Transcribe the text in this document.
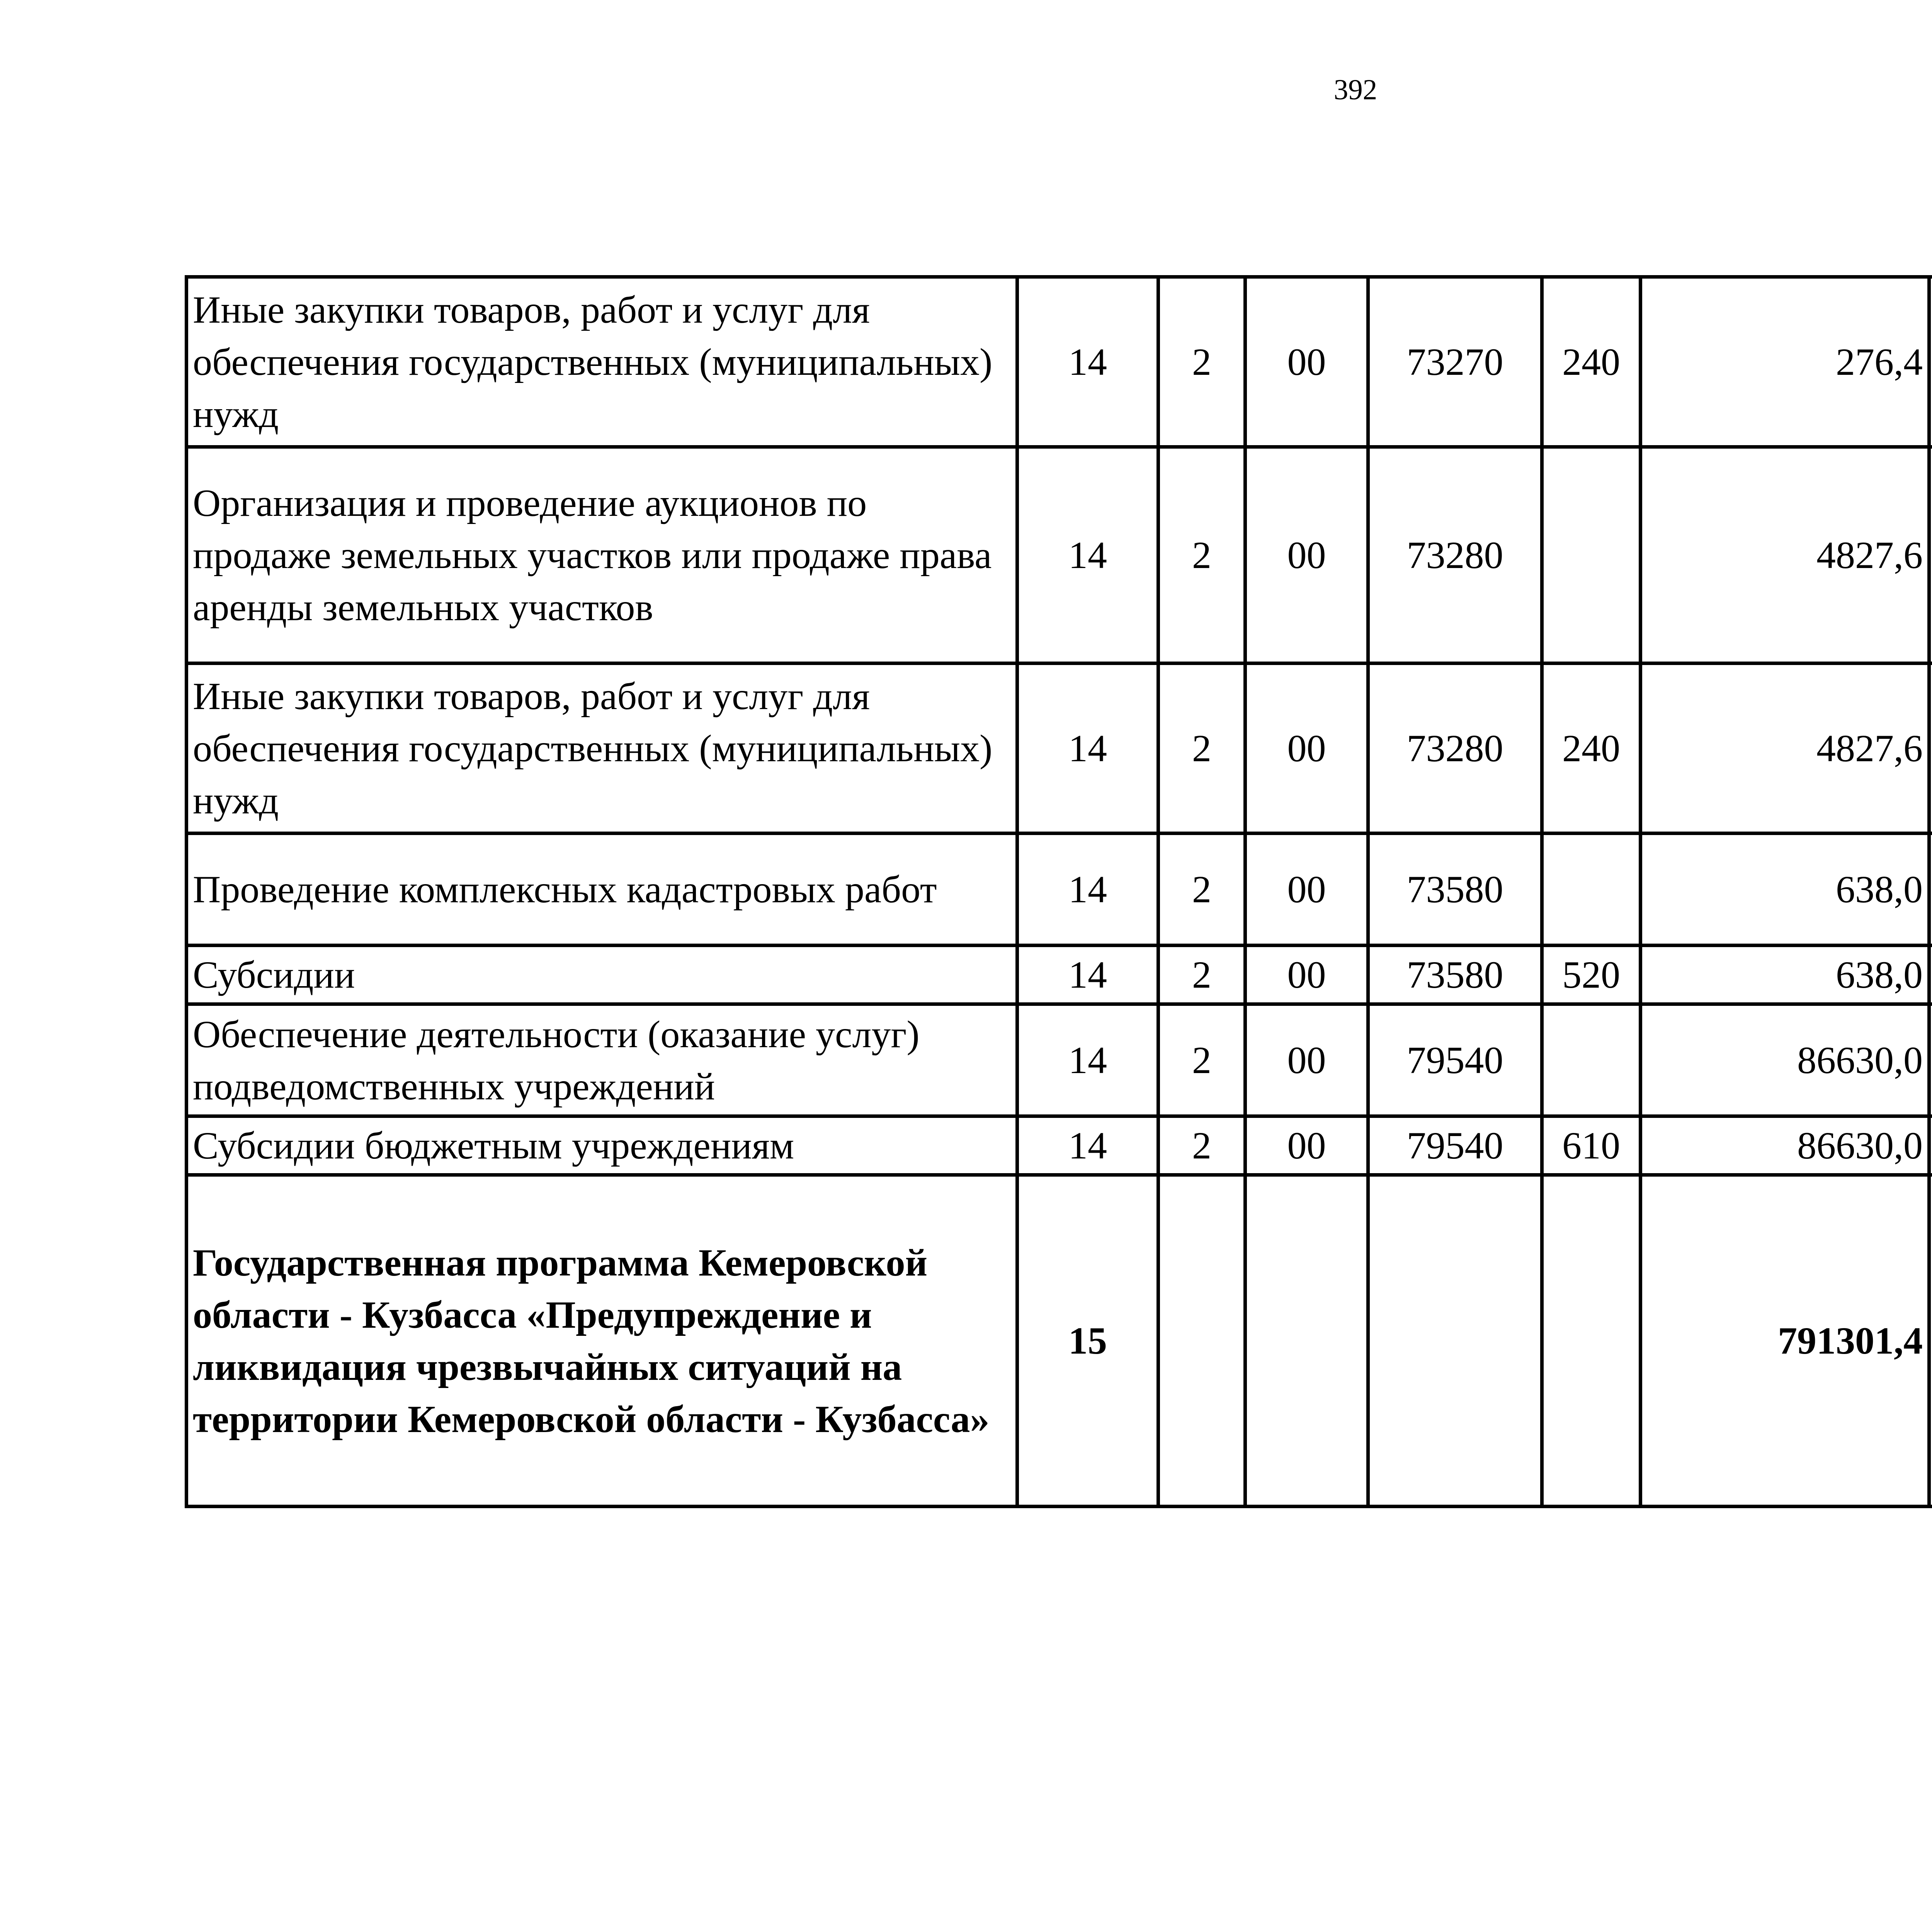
392
Иные закупки товаров, работ и услуг для обеспечения государственных (муниципальных) нужд	14	2	00	73270	240	276,4		
Организация и проведение аукционов по продаже земельных участков или продаже права аренды земельных участков	14	2	00	73280		4827,6		
Иные закупки товаров, работ и услуг для обеспечения государственных (муниципальных) нужд	14	2	00	73280	240	4827,6		
Проведение комплексных кадастровых работ	14	2	00	73580		638,0		
Субсидии	14	2	00	73580	520	638,0		
Обеспечение деятельности (оказание услуг) подведомственных учреждений	14	2	00	79540		86630,0		
Субсидии бюджетным учреждениям	14	2	00	79540	610	86630,0		
Государственная программа Кемеровской области - Кузбасса «Предупреждение и ликвидация чрезвычайных ситуаций на территории Кемеровской области - Кузбасса»	15					791301,4		
